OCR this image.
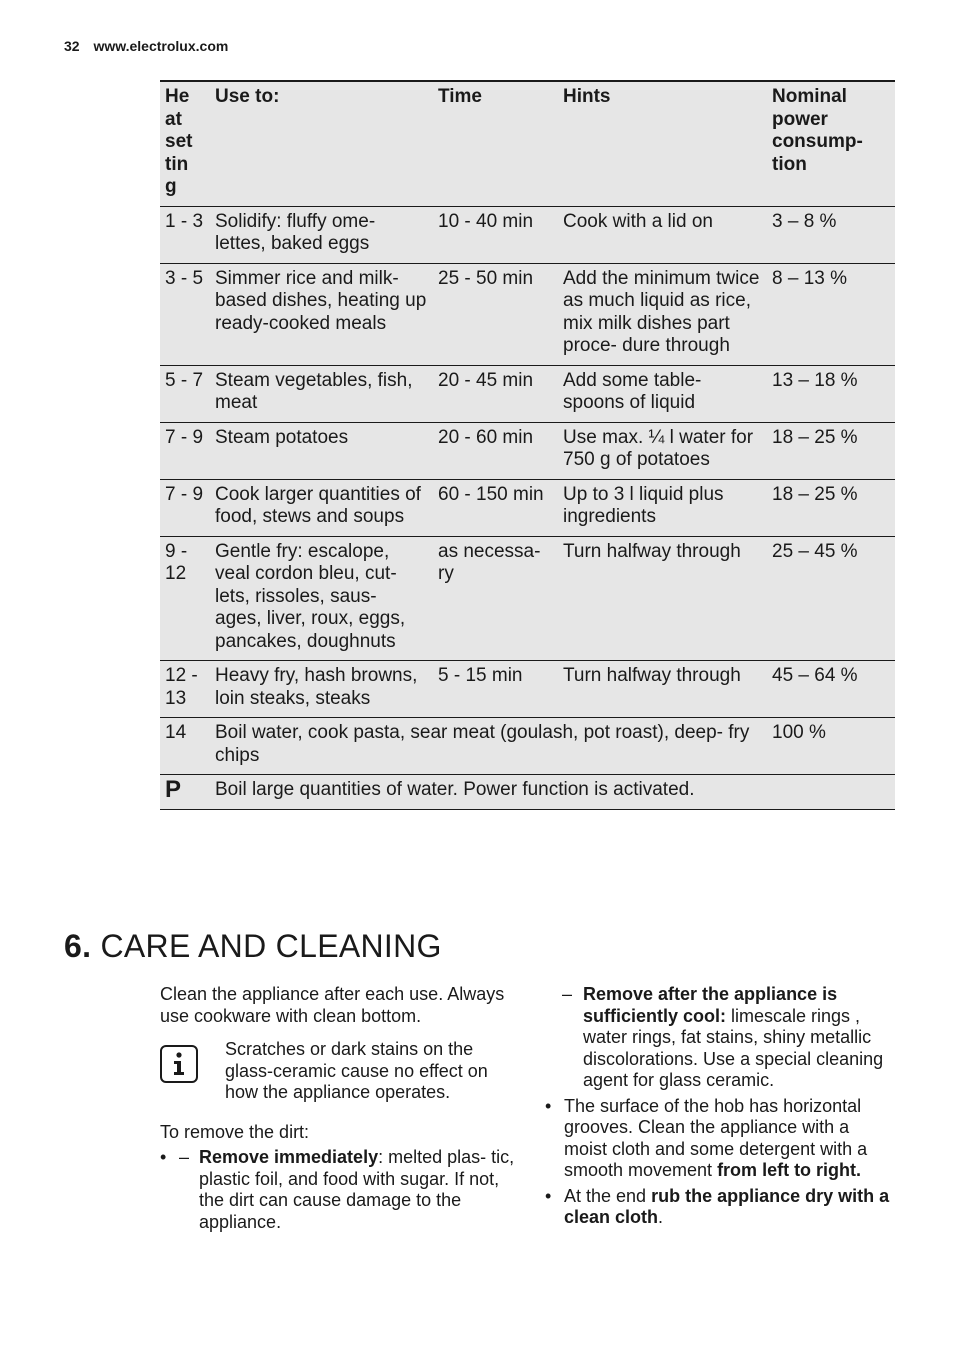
32 www.electrolux.com
He at set tin g	Use to:	Time	Hints	Nominal power consump- tion
1 - 3	Solidify: fluffy ome- lettes, baked eggs	10 - 40 min	Cook with a lid on	3 – 8 %
3 - 5	Simmer rice and milk- based dishes, heating up ready-cooked meals	25 - 50 min	Add the minimum twice as much liquid as rice, mix milk dishes part proce- dure through	8 – 13 %
5 - 7	Steam vegetables, fish, meat	20 - 45 min	Add some table- spoons of liquid	13 – 18 %
7 - 9	Steam potatoes	20 - 60 min	Use max. ¼ l water for 750 g of potatoes	18 – 25 %
7 - 9	Cook larger quantities of food, stews and soups	60 - 150 min	Up to 3 l liquid plus ingredients	18 – 25 %
9 - 12	Gentle fry: escalope, veal cordon bleu, cut- lets, rissoles, saus- ages, liver, roux, eggs, pancakes, doughnuts	as necessa- ry	Turn halfway through	25 – 45 %
12 - 13	Heavy fry, hash browns, loin steaks, steaks	5 - 15 min	Turn halfway through	45 – 64 %
14	Boil water, cook pasta, sear meat (goulash, pot roast), deep- fry chips			100 %
P	Boil large quantities of water. Power function is activated.			
6. CARE AND CLEANING

Clean the appliance after each use. Always use cookware with clean bottom.

Scratches or dark stains on the glass-ceramic cause no effect on how the appliance operates.

To remove the dirt:

• – Remove immediately: melted plas- tic, plastic foil, and food with sugar. If not, the dirt can cause damage to the appliance.
– Remove after the appliance is sufficiently cool: limescale rings , water rings, fat stains, shiny metallic discolorations. Use a special cleaning agent for glass ceramic.
• The surface of the hob has horizontal grooves. Clean the appliance with a moist cloth and some detergent with a smooth movement from left to right.
• At the end rub the appliance dry with a clean cloth.
